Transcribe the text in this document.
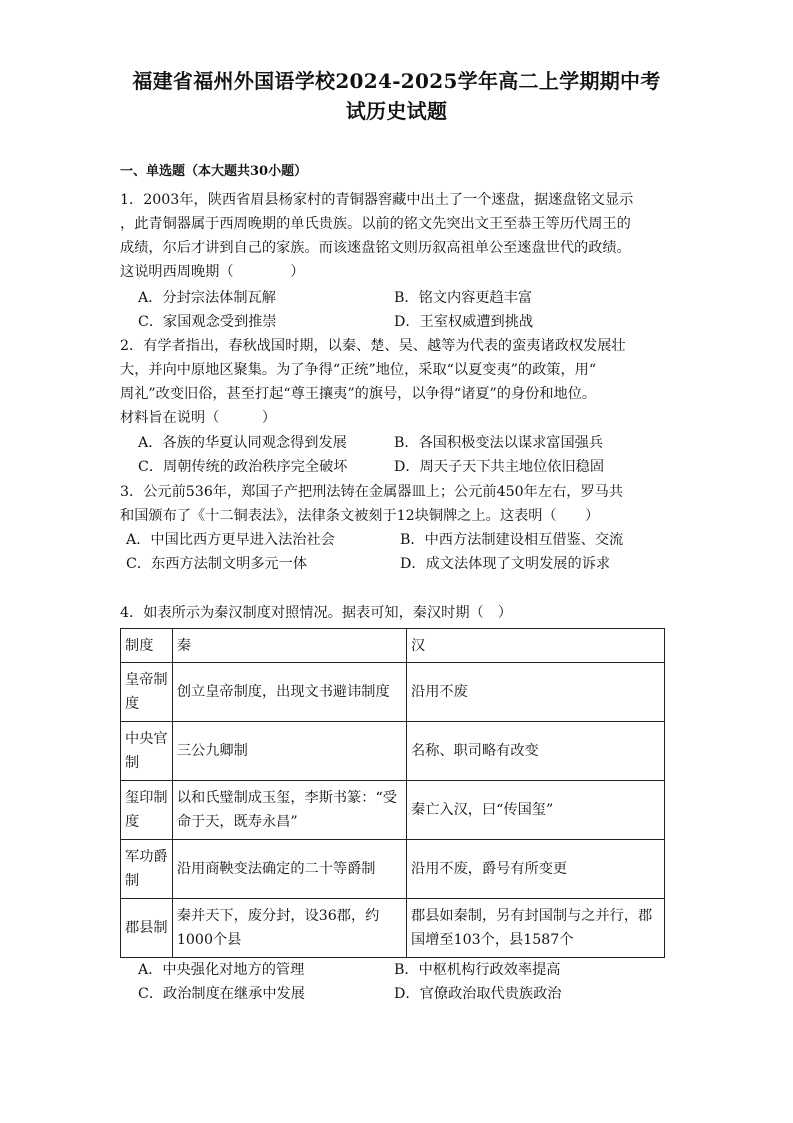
福建省福州外国语学校2024-2025学年高二上学期期中考
试历史试题
一、单选题（本大题共30小题）
1．2003年，陕西省眉县杨家村的青铜器窖藏中出土了一个逨盘，据逨盘铭文显示
，此青铜器属于西周晚期的单氏贵族。以前的铭文先突出文王至恭王等历代周王的
成绩，尔后才讲到自己的家族。而该逨盘铭文则历叙高祖单公至逨盘世代的政绩。
这说明西周晚期（　　　　）
A．分封宗法体制瓦解	B．铭文内容更趋丰富
C．家国观念受到推崇	D．王室权威遭到挑战
2．有学者指出，春秋战国时期，以秦、楚、吴、越等为代表的蛮夷诸政权发展壮
大，并向中原地区聚集。为了争得“正统”地位，采取“以夏变夷”的政策，用“
周礼”改变旧俗，甚至打起“尊王攘夷”的旗号，以争得“诸夏”的身份和地位。
材料旨在说明（　　　）
A．各族的华夏认同观念得到发展	B．各国积极变法以谋求富国强兵
C．周朝传统的政治秩序完全破坏	D．周天子天下共主地位依旧稳固
3．公元前536年，郑国子产把刑法铸在金属器皿上；公元前450年左右，罗马共
和国颁布了《十二铜表法》，法律条文被刻于12块铜牌之上。这表明（　　）
A．中国比西方更早进入法治社会	B．中西方法制建设相互借鉴、交流
C．东西方法制文明多元一体	D．成文法体现了文明发展的诉求
4．如表所示为秦汉制度对照情况。据表可知，秦汉时期（　）
制度	秦	汉
皇帝制度	创立皇帝制度，出现文书避讳制度	沿用不废
中央官制	三公九卿制	名称、职司略有改变
玺印制度	以和氏璧制成玉玺，李斯书篆：“受命于天，既寿永昌”	秦亡入汉，曰“传国玺”
军功爵制	沿用商鞅变法确定的二十等爵制	沿用不废，爵号有所变更
郡县制	秦并天下，废分封，设36郡，约1000个县	郡县如秦制，另有封国制与之并行，郡国增至103个，县1587个
A．中央强化对地方的管理	B．中枢机构行政效率提高
C．政治制度在继承中发展	D．官僚政治取代贵族政治
